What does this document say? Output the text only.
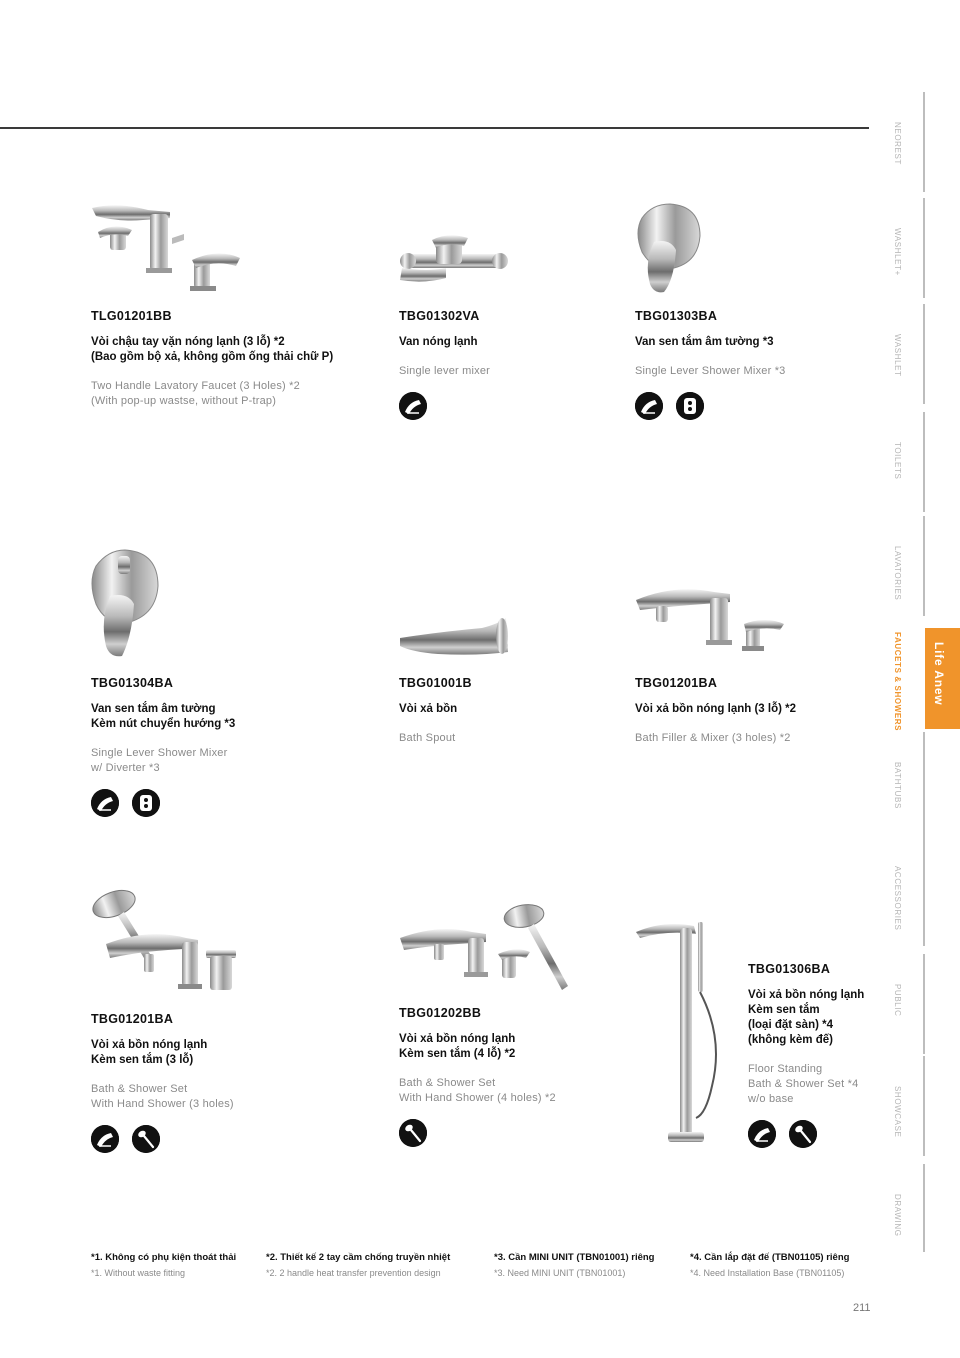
TLG01201BB
Vòi chậu tay vặn nóng lạnh (3 lỗ) *2
(Bao gồm bộ xả, không gồm ống thải chữ P)
Two Handle Lavatory Faucet (3 Holes) *2
(With pop-up wastse, without P-trap)
TBG01302VA
Van nóng lạnh
Single lever mixer
TBG01303BA
Van sen tắm âm tường *3
Single Lever Shower Mixer *3
TBG01304BA
Van sen tắm âm tường
Kèm nút chuyển hướng *3
Single Lever Shower Mixer
w/ Diverter *3
TBG01001B
Vòi xả bồn
Bath Spout
TBG01201BA
Vòi xả bồn nóng lạnh (3 lỗ) *2
Bath Filler & Mixer (3 holes) *2
TBG01201BA
Vòi xả bồn nóng lạnh
Kèm sen tắm (3 lỗ)
Bath & Shower Set
With Hand Shower (3 holes)
TBG01202BB
Vòi xả bồn nóng lạnh
Kèm sen tắm (4 lỗ) *2
Bath & Shower Set
With Hand Shower (4 holes) *2
TBG01306BA
Vòi xả bồn nóng lạnh
Kèm sen tắm
(loại đặt sàn) *4
(không kèm đế)
Floor Standing
Bath & Shower Set *4
w/o base
NEOREST
WASHLET+
WASHLET
TOILETS
LAVATORIES
FAUCETS & SHOWERS
BATHTUBS
ACCESSORIES
PUBLIC
SHOWCASE
DRAWING
Life Anew
*1. Không có phụ kiện thoát thải
*1. Without waste fitting
*2. Thiết kế 2 tay cầm chống truyền nhiệt
*2. 2 handle heat transfer prevention design
*3. Cần MINI UNIT (TBN01001) riêng
*3. Need MINI UNIT (TBN01001)
*4. Cần lắp đặt đế (TBN01105) riêng
*4. Need Installation Base (TBN01105)
211
